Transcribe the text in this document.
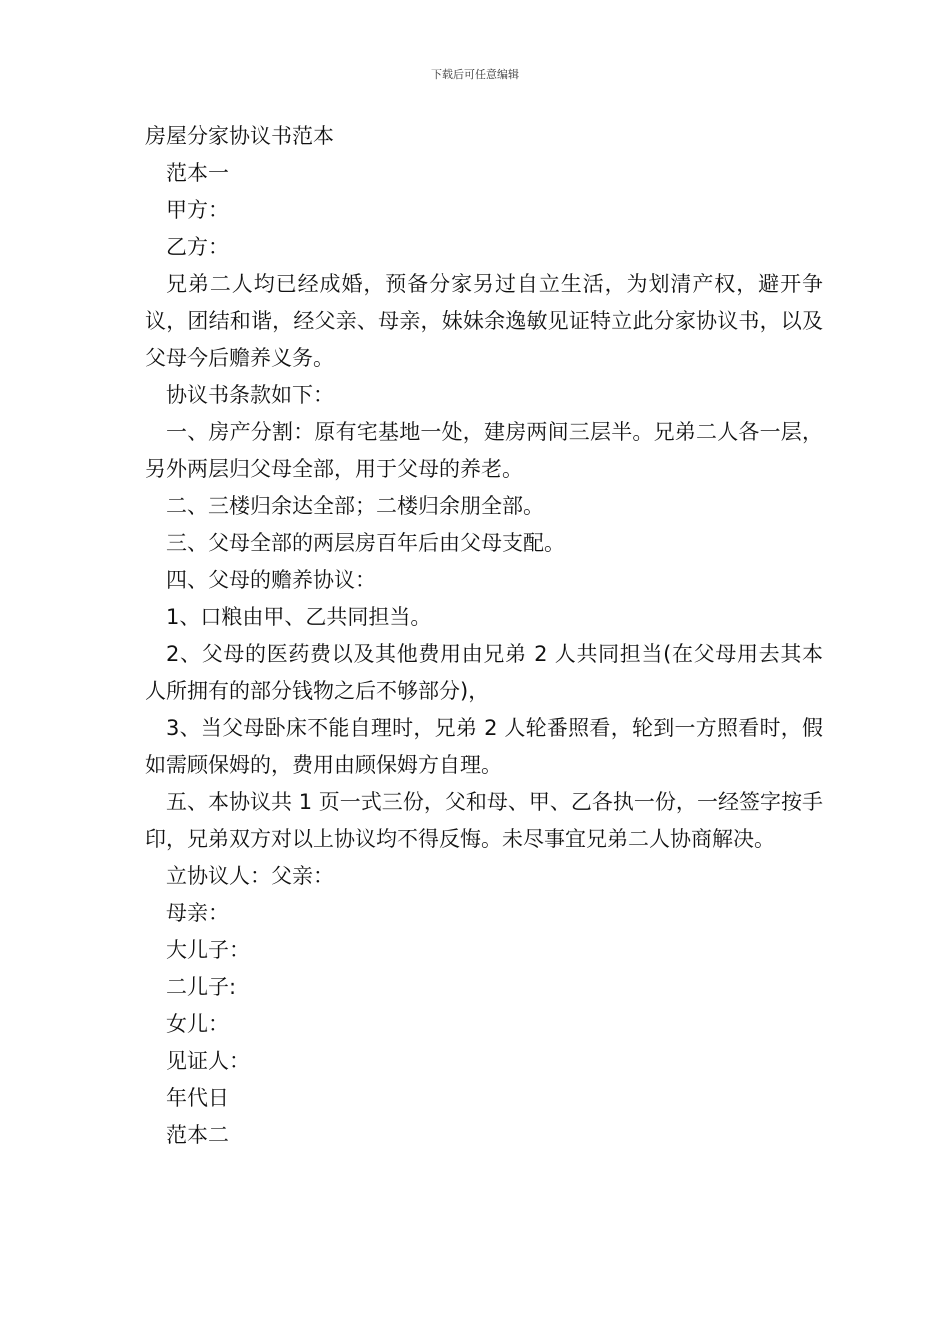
下载后可任意编辑
房屋分家协议书范本
范本一
甲方：
乙方：
兄弟二人均已经成婚，预备分家另过自立生活，为划清产权，避开争议，团结和谐，经父亲、母亲，妹妹余逸敏见证特立此分家协议书，以及父母今后赡养义务。
协议书条款如下：
一、房产分割：原有宅基地一处，建房两间三层半。兄弟二人各一层，另外两层归父母全部，用于父母的养老。
二、三楼归余达全部；二楼归余朋全部。
三、父母全部的两层房百年后由父母支配。
四、父母的赡养协议：
1、口粮由甲、乙共同担当。
2、父母的医药费以及其他费用由兄弟 2 人共同担当(在父母用去其本人所拥有的部分钱物之后不够部分)，
3、当父母卧床不能自理时，兄弟 2 人轮番照看，轮到一方照看时，假如需顾保姆的，费用由顾保姆方自理。
五、本协议共 1 页一式三份，父和母、甲、乙各执一份，一经签字按手印，兄弟双方对以上协议均不得反悔。未尽事宜兄弟二人协商解决。
立协议人：父亲：
母亲：
大儿子：
二儿子:
女儿：
见证人：
年代日
范本二
